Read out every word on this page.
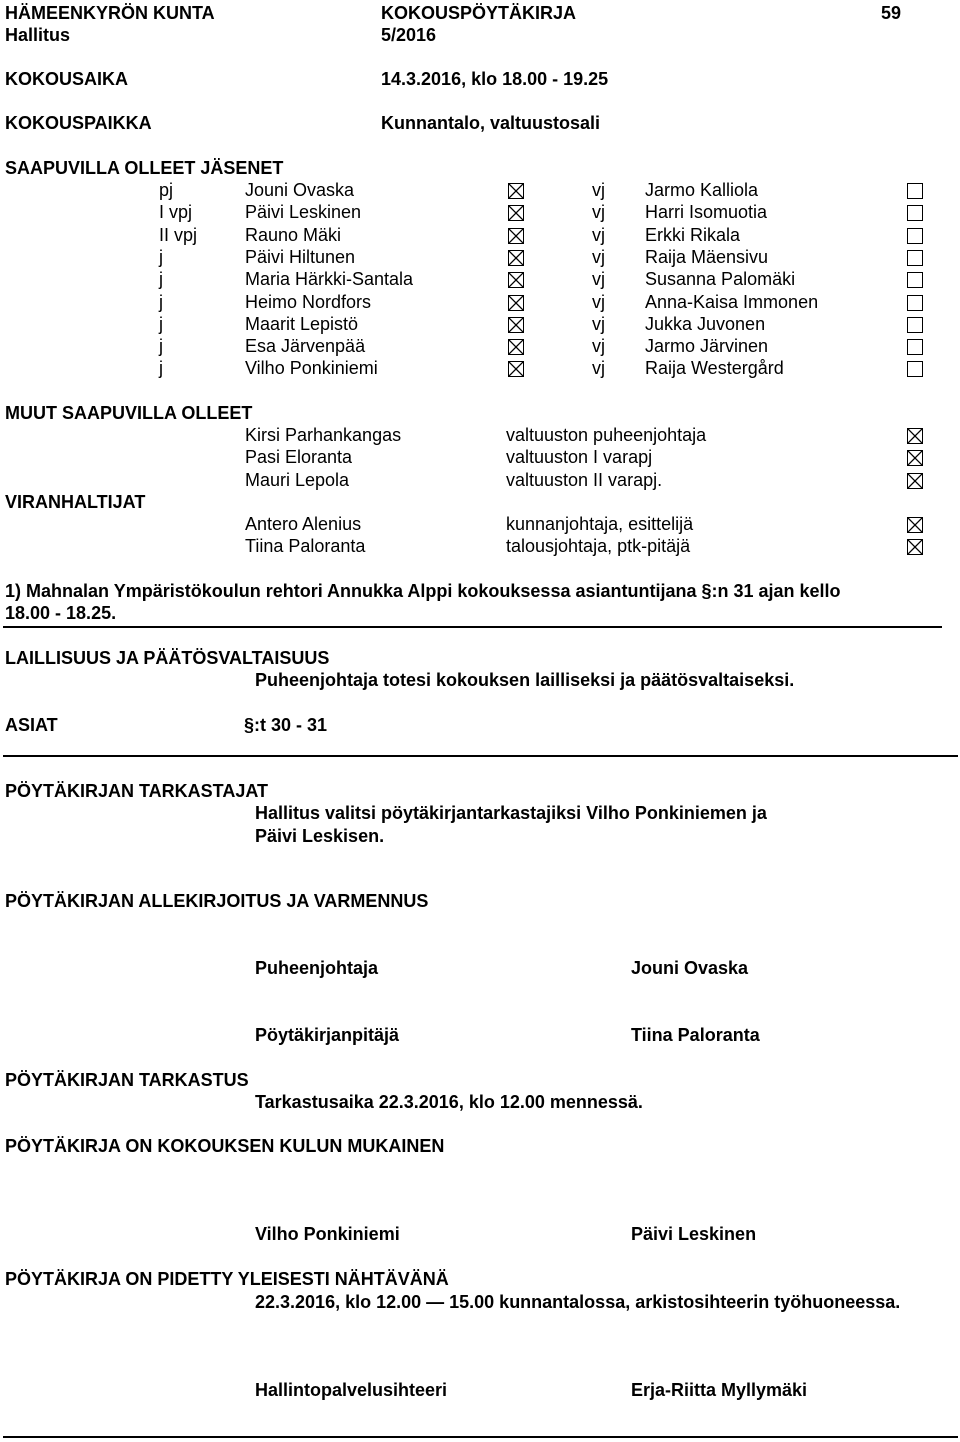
HÄMEENKYRÖN KUNTA
Hallitus
KOKOUSPÖYTÄKIRJA
5/2016
59
KOKOUSAIKA	14.3.2016, klo 18.00 - 19.25
KOKOUSPAIKKA	Kunnantalo, valtuustosali
SAAPUVILLA OLLEET JÄSENET
pj	Jouni Ovaska	vj Jarmo Kalliola
I vpj	Päivi Leskinen	vj Harri Isomuotia
II vpj	Rauno Mäki	vj Erkki Rikala
j	Päivi Hiltunen	vj Raija Mäensivu
j	Maria Härkki-Santala	vj Susanna Palomäki
j	Heimo Nordfors	vj Anna-Kaisa Immonen
j	Maarit Lepistö	vj Jukka Juvonen
j	Esa Järvenpää	vj Jarmo Järvinen
j	Vilho Ponkiniemi	vj Raija Westergård
MUUT SAAPUVILLA OLLEET
VIRANHALTIJAT
Kirsi Parhankangas	valtuuston puheenjohtaja
Pasi Eloranta	valtuuston I varapj
Mauri Lepola	valtuuston II varapj.
Antero Alenius	kunnanjohtaja, esittelijä
Tiina Paloranta	talousjohtaja, ptk-pitäjä
1) Mahnalan Ympäristökoulun rehtori Annukka Alppi kokouksessa asiantuntijana §:n 31 ajan kello
18.00 - 18.25.
LAILLISUUS JA PÄÄTÖSVALTAISUUS
Puheenjohtaja totesi kokouksen lailliseksi ja päätösvaltaiseksi.
ASIAT	§:t 30 - 31
PÖYTÄKIRJAN TARKASTAJAT
Hallitus valitsi pöytäkirjantarkastajiksi Vilho Ponkiniemen ja
Päivi Leskisen.
PÖYTÄKIRJAN ALLEKIRJOITUS JA VARMENNUS
Puheenjohtaja	Jouni Ovaska
Pöytäkirjanpitäjä	Tiina Paloranta
PÖYTÄKIRJAN TARKASTUS
Tarkastusaika 22.3.2016, klo 12.00 mennessä.
PÖYTÄKIRJA ON KOKOUKSEN KULUN MUKAINEN
Vilho Ponkiniemi	Päivi Leskinen
PÖYTÄKIRJA ON PIDETTY YLEISESTI NÄHTÄVÄNÄ
22.3.2016, klo 12.00 — 15.00 kunnantalossa, arkistosihteerin työhuoneessa.
Hallintopalvelusihteeri	Erja-Riitta Myllymäki
